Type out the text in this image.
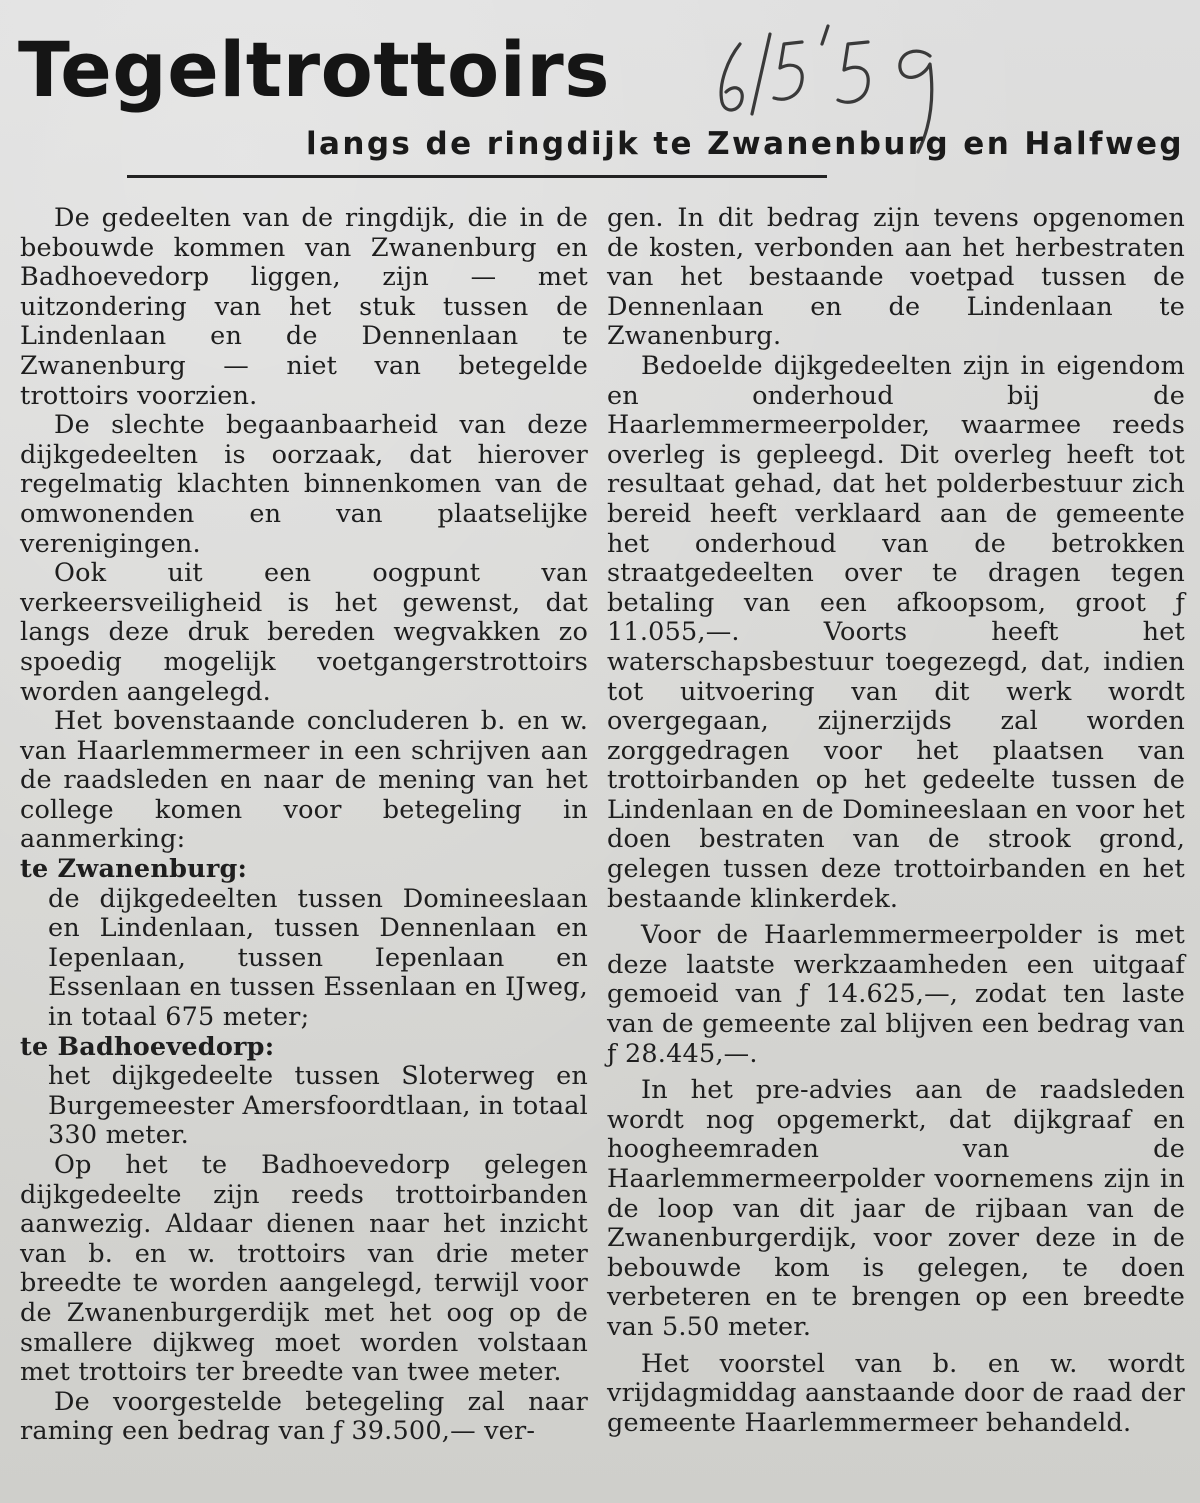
Tegeltrottoirs
langs de ringdijk te Zwanenburg en Halfweg

De gedeelten van de ringdijk, die in de bebouwde kommen van Zwanenburg en Badhoevedorp liggen, zijn — met uitzondering van het stuk tussen de Lindenlaan en de Dennenlaan te Zwanenburg — niet van betegelde trottoirs voorzien.

De slechte begaanbaarheid van deze dijkgedeelten is oorzaak, dat hierover regelmatig klachten binnenkomen van de omwonenden en van plaatselijke verenigingen.

Ook uit een oogpunt van verkeersveiligheid is het gewenst, dat langs deze druk bereden wegvakken zo spoedig mogelijk voetgangerstrottoirs worden aangelegd.

Het bovenstaande concluderen b. en w. van Haarlemmermeer in een schrijven aan de raadsleden en naar de mening van het college komen voor betegeling in aanmerking:

te Zwanenburg:

de dijkgedeelten tussen Domineeslaan en Lindenlaan, tussen Dennenlaan en Iepenlaan, tussen Iepenlaan en Essenlaan en tussen Essenlaan en IJweg, in totaal 675 meter;

te Badhoevedorp:

het dijkgedeelte tussen Sloterweg en Burgemeester Amersfoordtlaan, in totaal 330 meter.

Op het te Badhoevedorp gelegen dijkgedeelte zijn reeds trottoirbanden aanwezig. Aldaar dienen naar het inzicht van b. en w. trottoirs van drie meter breedte te worden aangelegd, terwijl voor de Zwanenburgerdijk met het oog op de smallere dijkweg moet worden volstaan met trottoirs ter breedte van twee meter.

De voorgestelde betegeling zal naar raming een bedrag van ƒ 39.500,— ver-

gen. In dit bedrag zijn tevens opgenomen de kosten, verbonden aan het herbestraten van het bestaande voetpad tussen de Dennenlaan en de Lindenlaan te Zwanenburg.

Bedoelde dijkgedeelten zijn in eigendom en onderhoud bij de Haarlemmermeerpolder, waarmee reeds overleg is gepleegd. Dit overleg heeft tot resultaat gehad, dat het polderbestuur zich bereid heeft verklaard aan de gemeente het onderhoud van de betrokken straatgedeelten over te dragen tegen betaling van een afkoopsom, groot ƒ 11.055,—. Voorts heeft het waterschapsbestuur toegezegd, dat, indien tot uitvoering van dit werk wordt overgegaan, zijnerzijds zal worden zorggedragen voor het plaatsen van trottoirbanden op het gedeelte tussen de Lindenlaan en de Domineeslaan en voor het doen bestraten van de strook grond, gelegen tussen deze trottoirbanden en het bestaande klinkerdek.

Voor de Haarlemmermeerpolder is met deze laatste werkzaamheden een uitgaaf gemoeid van ƒ 14.625,—, zodat ten laste van de gemeente zal blijven een bedrag van ƒ 28.445,—.

In het pre-advies aan de raadsleden wordt nog opgemerkt, dat dijkgraaf en hoogheemraden van de Haarlemmermeerpolder voornemens zijn in de loop van dit jaar de rijbaan van de Zwanenburgerdijk, voor zover deze in de bebouwde kom is gelegen, te doen verbeteren en te brengen op een breedte van 5.50 meter.

Het voorstel van b. en w. wordt vrijdagmiddag aanstaande door de raad der gemeente Haarlemmermeer behandeld.
